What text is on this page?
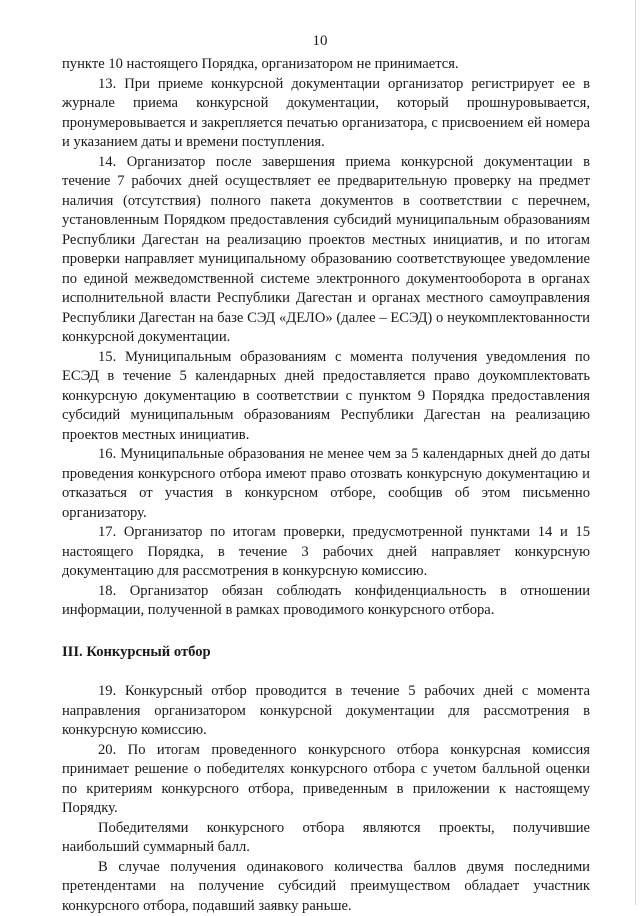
10

пункте 10 настоящего Порядка, организатором не принимается.

13. При приеме конкурсной документации организатор регистрирует ее в журнале приема конкурсной документации, который прошнуровывается, пронумеровывается и закрепляется печатью организатора, с присвоением ей номера и указанием даты и времени поступления.

14. Организатор после завершения приема конкурсной документации в течение 7 рабочих дней осуществляет ее предварительную проверку на предмет наличия (отсутствия) полного пакета документов в соответствии с перечнем, установленным Порядком предоставления субсидий муниципальным образованиям Республики Дагестан на реализацию проектов местных инициатив, и по итогам проверки направляет муниципальному образованию соответствующее уведомление по единой межведомственной системе электронного документооборота в органах исполнительной власти Республики Дагестан и органах местного самоуправления Республики Дагестан на базе СЭД «ДЕЛО» (далее – ЕСЭД) о неукомплектованности конкурсной документации.

15. Муниципальным образованиям с момента получения уведомления по ЕСЭД в течение 5 календарных дней предоставляется право доукомплектовать конкурсную документацию в соответствии с пунктом 9 Порядка предоставления субсидий муниципальным образованиям Республики Дагестан на реализацию проектов местных инициатив.

16. Муниципальные образования не менее чем за 5 календарных дней до даты проведения конкурсного отбора имеют право отозвать конкурсную документацию и отказаться от участия в конкурсном отборе, сообщив об этом письменно организатору.

17. Организатор по итогам проверки, предусмотренной пунктами 14 и 15 настоящего Порядка, в течение 3 рабочих дней направляет конкурсную документацию для рассмотрения в конкурсную комиссию.

18. Организатор обязан соблюдать конфиденциальность в отношении информации, полученной в рамках проводимого конкурсного отбора.

III. Конкурсный отбор

19. Конкурсный отбор проводится в течение 5 рабочих дней с момента направления организатором конкурсной документации для рассмотрения в конкурсную комиссию.

20. По итогам проведенного конкурсного отбора конкурсная комиссия принимает решение о победителях конкурсного отбора с учетом балльной оценки по критериям конкурсного отбора, приведенным в приложении к настоящему Порядку.

Победителями конкурсного отбора являются проекты, получившие наибольший суммарный балл.

В случае получения одинакового количества баллов двумя последними претендентами на получение субсидий преимуществом обладает участник конкурсного отбора, подавший заявку раньше.
